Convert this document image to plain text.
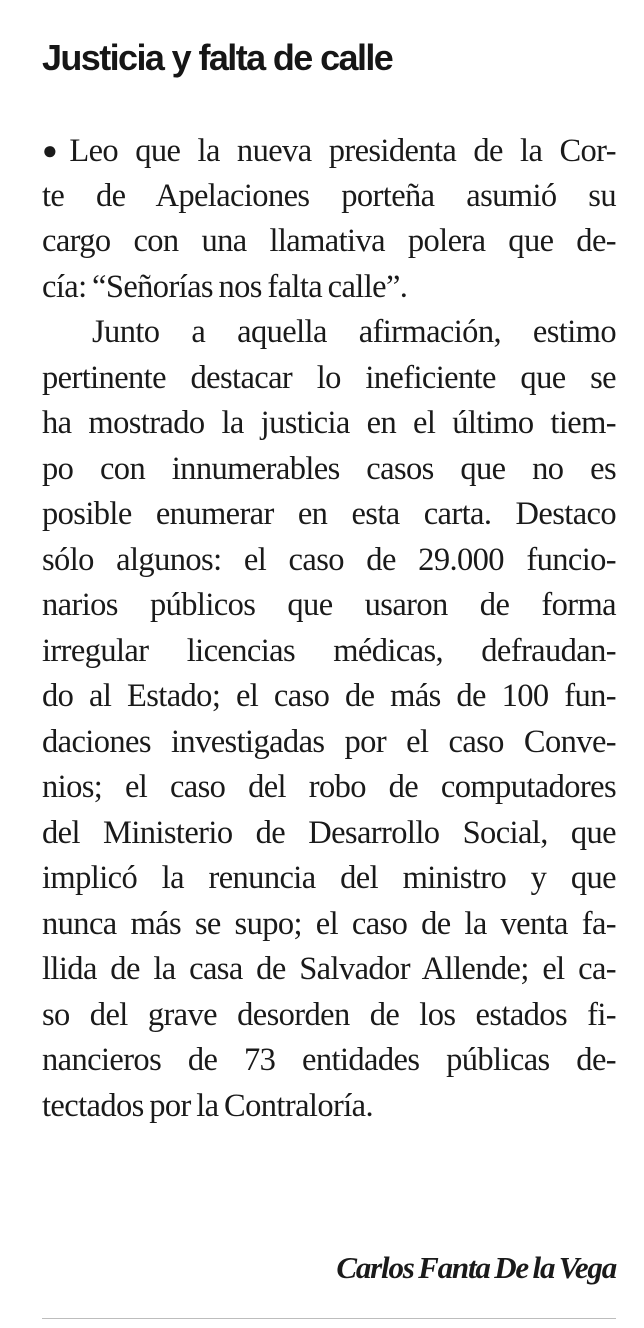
Justicia y falta de calle
●Leo que la nueva presidenta de la Cor-
te de Apelaciones porteña asumió su
cargo con una llamativa polera que de-
cía: “Señorías nos falta calle”.
Junto a aquella afirmación, estimo
pertinente destacar lo ineficiente que se
ha mostrado la justicia en el último tiem-
po con innumerables casos que no es
posible enumerar en esta carta. Destaco
sólo algunos: el caso de 29.000 funcio-
narios públicos que usaron de forma
irregular licencias médicas, defraudan-
do al Estado; el caso de más de 100 fun-
daciones investigadas por el caso Conve-
nios; el caso del robo de computadores
del Ministerio de Desarrollo Social, que
implicó la renuncia del ministro y que
nunca más se supo; el caso de la venta fa-
llida de la casa de Salvador Allende; el ca-
so del grave desorden de los estados fi-
nancieros de 73 entidades públicas de-
tectados por la Contraloría.
Carlos Fanta De la Vega
